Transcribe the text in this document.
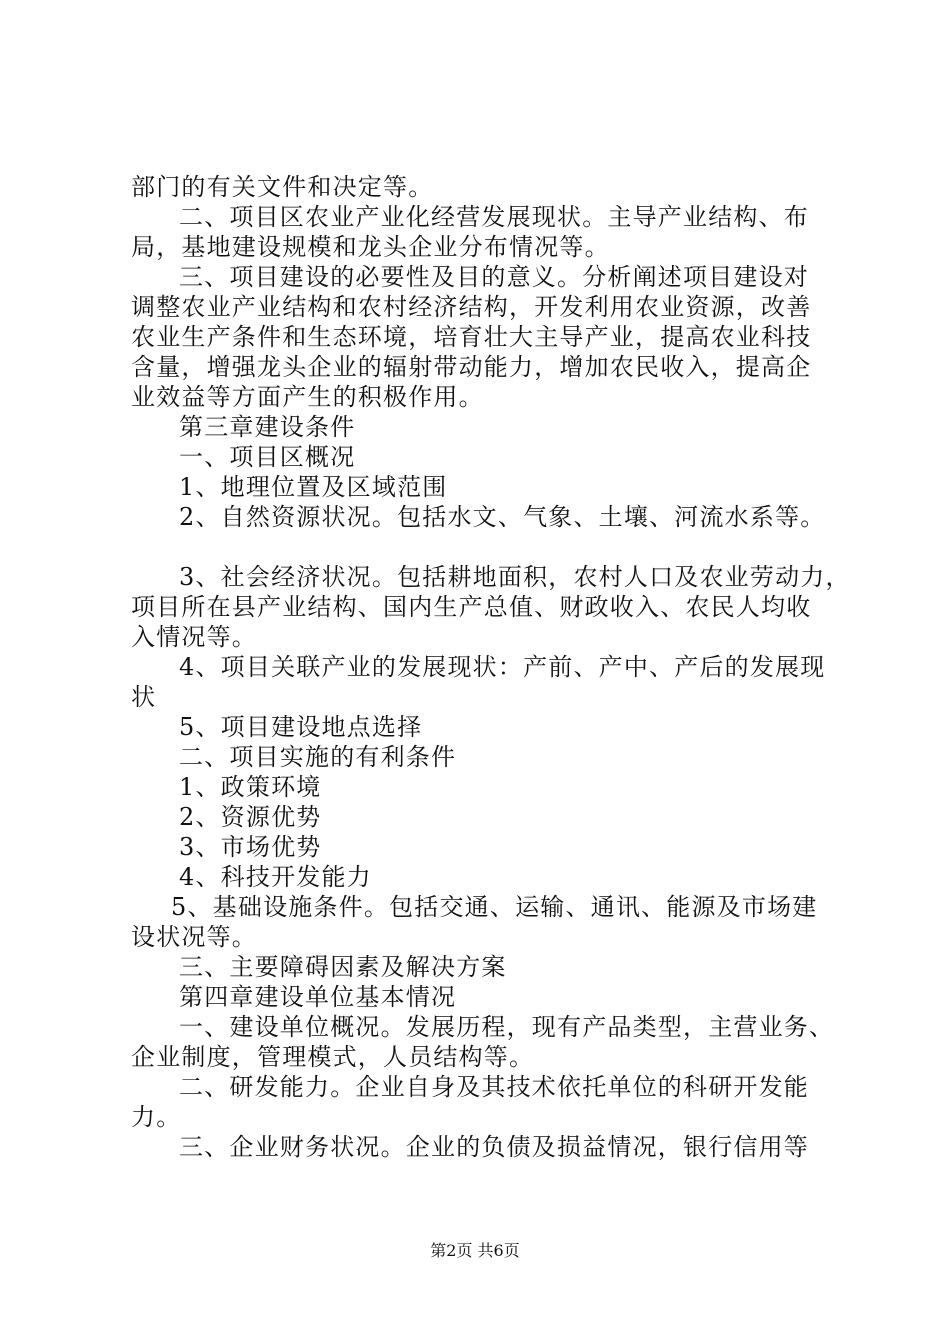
部门的有关文件和决定等。
二、项目区农业产业化经营发展现状。主导产业结构、布
局，基地建设规模和龙头企业分布情况等。
三、项目建设的必要性及目的意义。分析阐述项目建设对
调整农业产业结构和农村经济结构，开发利用农业资源，改善
农业生产条件和生态环境，培育壮大主导产业，提高农业科技
含量，增强龙头企业的辐射带动能力，增加农民收入，提高企
业效益等方面产生的积极作用。
第三章建设条件
一、项目区概况
1、地理位置及区域范围
2、自然资源状况。包括水文、气象、土壤、河流水系等。
3、社会经济状况。包括耕地面积，农村人口及农业劳动力，
项目所在县产业结构、国内生产总值、财政收入、农民人均收
入情况等。
4、项目关联产业的发展现状：产前、产中、产后的发展现
状
5、项目建设地点选择
二、项目实施的有利条件
1、政策环境
2、资源优势
3、市场优势
4、科技开发能力
5、基础设施条件。包括交通、运输、通讯、能源及市场建
设状况等。
三、主要障碍因素及解决方案
第四章建设单位基本情况
一、建设单位概况。发展历程，现有产品类型，主营业务、
企业制度，管理模式，人员结构等。
二、研发能力。企业自身及其技术依托单位的科研开发能
力。
三、企业财务状况。企业的负债及损益情况，银行信用等
第2页 共6页
